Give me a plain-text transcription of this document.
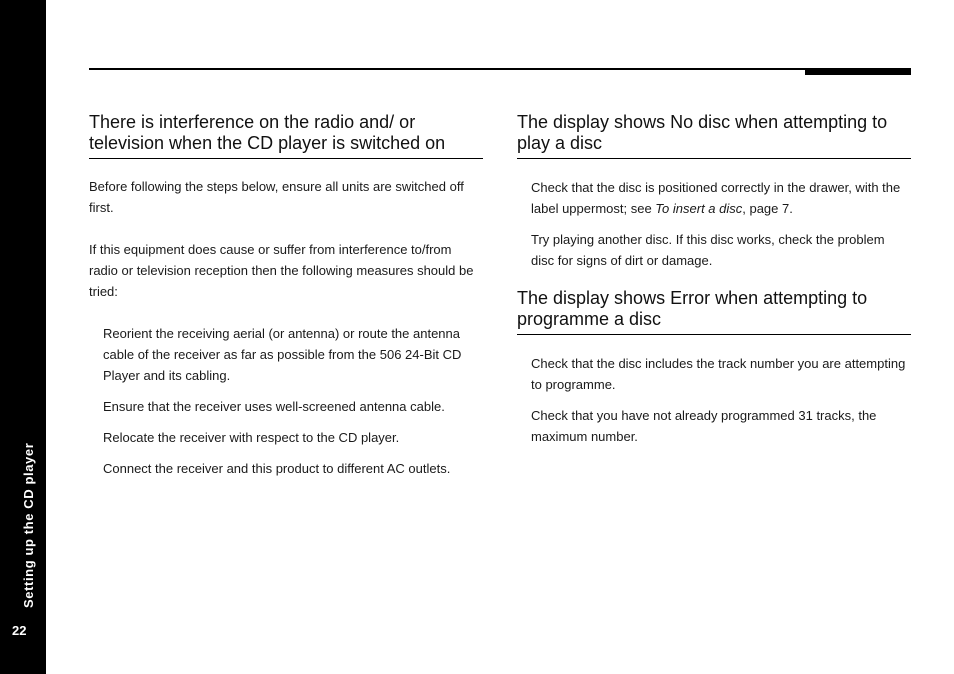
Setting up the CD player
22
There is interference on the radio and/ or television when the CD player is switched on

Before following the steps below, ensure all units are switched off first.

If this equipment does cause or suffer from interference to/from radio or television reception then the following measures should be tried:

Reorient the receiving aerial (or antenna) or route the antenna cable of the receiver as far as possible from the 506 24-Bit CD Player and its cabling.

Ensure that the receiver uses well-screened antenna cable.

Relocate the receiver with respect to the CD player.

Connect the receiver and this product to different AC outlets.

The display shows No disc when attempting to play a disc

Check that the disc is positioned correctly in the drawer, with the label uppermost; see To insert a disc, page 7.

Try playing another disc. If this disc works, check the problem disc for signs of dirt or damage.

The display shows Error when attempting to programme a disc

Check that the disc includes the track number you are attempting to programme.

Check that you have not already programmed 31 tracks, the maximum number.
